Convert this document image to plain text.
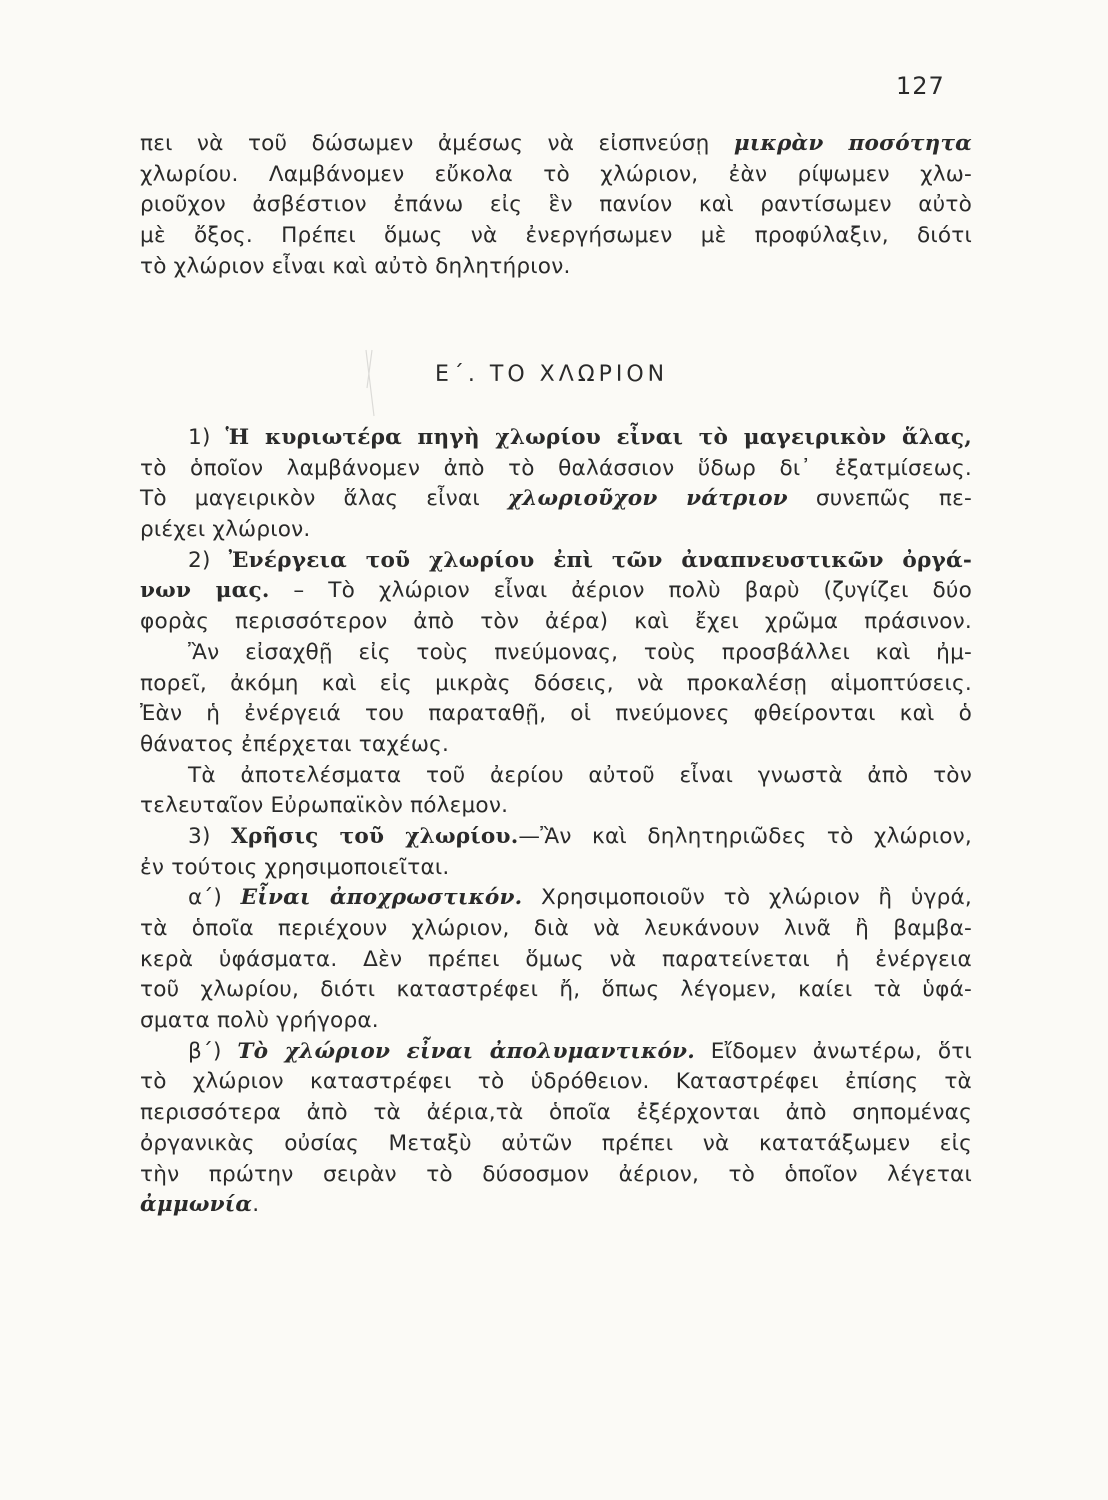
127
Ε΄. ΤΟ ΧΛΩΡΙΟΝ
πει νὰ τοῦ δώσωμεν ἀμέσως νὰ εἰσπνεύσῃ μικρὰν ποσότητα
χλωρίου. Λαμβάνομεν εὔκολα τὸ χλώριον, ἐὰν ρίψωμεν χλω-
ριοῦχον ἀσβέστιον ἐπάνω εἰς ἓν πανίον καὶ ραντίσωμεν αὐτὸ
μὲ ὄξος. Πρέπει ὅμως νὰ ἐνεργήσωμεν μὲ προφύλαξιν, διότι
τὸ χλώριον εἶναι καὶ αὐτὸ δηλητήριον.
1) Ἡ κυριωτέρα πηγὴ χλωρίου εἶναι τὸ μαγειρικὸν ἅλας,
τὸ ὁποῖον λαμβάνομεν ἀπὸ τὸ θαλάσσιον ὕδωρ δι᾽ ἐξατμίσεως.
Τὸ μαγειρικὸν ἅλας εἶναι χλωριοῦχον νάτριον συνεπῶς πε-
ριέχει χλώριον.
2) Ἐνέργεια τοῦ χλωρίου ἐπὶ τῶν ἀναπνευστικῶν ὀργά-
νων μας. – Τὸ χλώριον εἶναι ἀέριον πολὺ βαρὺ (ζυγίζει δύο
φορὰς περισσότερον ἀπὸ τὸν ἀέρα) καὶ ἔχει χρῶμα πράσινον.
Ἂν εἰσαχθῇ εἰς τοὺς πνεύμονας, τοὺς προσβάλλει καὶ ἠμ-
πορεῖ, ἀκόμη καὶ εἰς μικρὰς δόσεις, νὰ προκαλέσῃ αἱμοπτύσεις.
Ἐὰν ἡ ἐνέργειά του παραταθῇ, οἱ πνεύμονες φθείρονται καὶ ὁ
θάνατος ἐπέρχεται ταχέως.
Τὰ ἀποτελέσματα τοῦ ἀερίου αὐτοῦ εἶναι γνωστὰ ἀπὸ τὸν
τελευταῖον Εὐρωπαϊκὸν πόλεμον.
3) Χρῆσις τοῦ χλωρίου.—Ἂν καὶ δηλητηριῶδες τὸ χλώριον,
ἐν τούτοις χρησιμοποιεῖται.
α΄) Εἶναι ἀποχρωστικόν. Χρησιμοποιοῦν τὸ χλώριον ἢ ὑγρά,
τὰ ὁποῖα περιέχουν χλώριον, διὰ νὰ λευκάνουν λινᾶ ἢ βαμβα-
κερὰ ὑφάσματα. Δὲν πρέπει ὅμως νὰ παρατείνεται ἡ ἐνέργεια
τοῦ χλωρίου, διότι καταστρέφει ἤ, ὅπως λέγομεν, καίει τὰ ὑφά-
σματα πολὺ γρήγορα.
β΄) Τὸ χλώριον εἶναι ἀπολυμαντικόν. Εἴδομεν ἀνωτέρω, ὅτι
τὸ χλώριον καταστρέφει τὸ ὑδρόθειον. Καταστρέφει ἐπίσης τὰ
περισσότερα ἀπὸ τὰ ἀέρια,τὰ ὁποῖα ἐξέρχονται ἀπὸ σηπομένας
ὀργανικὰς οὐσίας Μεταξὺ αὐτῶν πρέπει νὰ κατατάξωμεν εἰς
τὴν πρώτην σειρὰν τὸ δύσοσμον ἀέριον, τὸ ὁποῖον λέγεται
ἀμμωνία.
